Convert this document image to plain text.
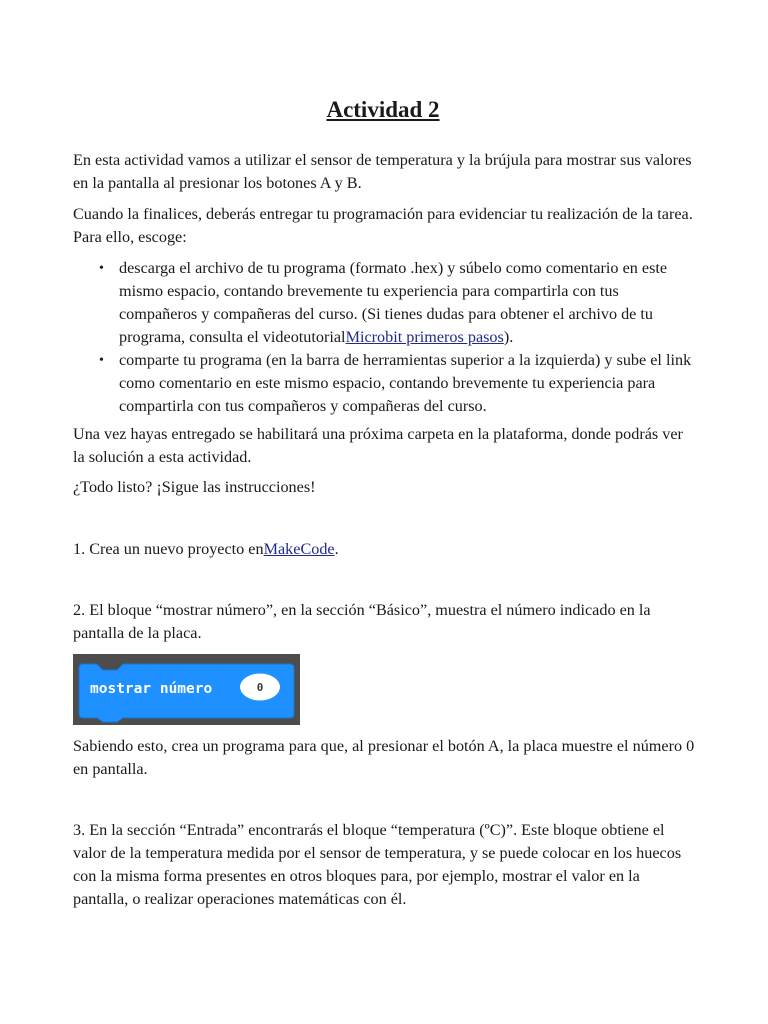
Actividad 2

En esta actividad vamos a utilizar el sensor de temperatura y la brújula para mostrar sus valores en la pantalla al presionar los botones A y B.

Cuando la finalices, deberás entregar tu programación para evidenciar tu realización de la tarea. Para ello, escoge:

• descarga el archivo de tu programa (formato .hex) y súbelo como comentario en este mismo espacio, contando brevemente tu experiencia para compartirla con tus compañeros y compañeras del curso. (Si tienes dudas para obtener el archivo de tu programa, consulta el videotutorialMicrobit primeros pasos).
• comparte tu programa (en la barra de herramientas superior a la izquierda) y sube el link como comentario en este mismo espacio, contando brevemente tu experiencia para compartirla con tus compañeros y compañeras del curso.

Una vez hayas entregado se habilitará una próxima carpeta en la plataforma, donde podrás ver la solución a esta actividad.

¿Todo listo? ¡Sigue las instrucciones!

1. Crea un nuevo proyecto enMakeCode.

2. El bloque “mostrar número”, en la sección “Básico”, muestra el número indicado en la pantalla de la placa.

mostrar número	0

Sabiendo esto, crea un programa para que, al presionar el botón A, la placa muestre el número 0 en pantalla.

3. En la sección “Entrada” encontrarás el bloque “temperatura (ºC)”. Este bloque obtiene el valor de la temperatura medida por el sensor de temperatura, y se puede colocar en los huecos con la misma forma presentes en otros bloques para, por ejemplo, mostrar el valor en la pantalla, o realizar operaciones matemáticas con él.
